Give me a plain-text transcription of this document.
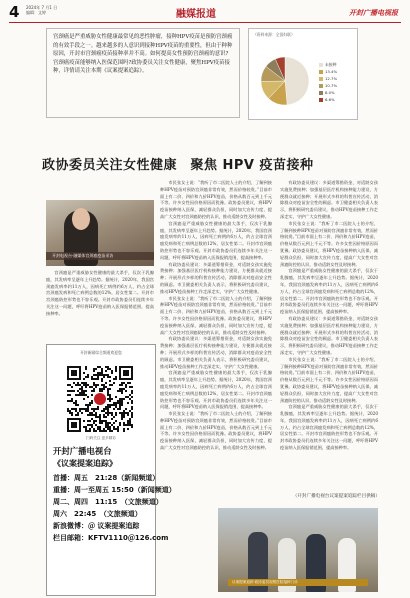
4 2024年 7 月1 日
编辑：文婷	融媒报道	开封广播电视报
宫颈癌是严重威胁女性健康最常见的恶性肿瘤，接种HPV疫苗是预防宫颈癌的有效手段之一。越来越多的人意识到接种HPV疫苗的重要性，但由于种种原因，开封市宫颈癌疫苗接种率并不高。如何提高女性预防宫颈癌的意识?宫颈癌疫苗能够纳入医保范围吗?政协委员关注女性健康，聚焦HPV疫苗接种，详情请关注本期《议案提案追踪》。
（资料来源：全国妇联）
未接种
13.4%
12.7%
10.7%
8.0%
6.6%
政协委员关注女性健康　聚焦 HPV 疫苗接种
开封电视台·融媒体宫颈癌疫苗采访

宫颈癌是严重威胁女性健康的最大杀手，仅次于乳腺癌，其发病率呈逐年上升趋势。据统计，2020年，我国宫颈癌发病率约11万人，因病死亡病例约6万人，约占全球宫颈癌发病和死亡病例总数的12%，居女性第二。开封市宫颈癌防控形势也不容乐观。开封市政协委员们连续多年关注这一问题，呼吁将HPV疫苗纳入医保报销范围，提高接种率。

市民张女士说：“我听了市二医院人士的介绍，了解到接种HPV疫苗对预防宫颈癌非常有效，然而价格较贵。”目前市面上有二价、四价和九价HPV疫苗，价格从数百元到上千元不等。许多女性因价格原因而犹豫。政协委员建议，将HPV疫苗接种纳入医保，减轻群众负担，同时加大宣传力度，提高广大女性对宫颈癌防控的认识，推动适龄女性及时接种。

宫颈癌是严重威胁女性健康的最大杀手，仅次于乳腺癌，其发病率呈逐年上升趋势。据统计，2020年，我国宫颈癌发病率约11万人，因病死亡病例约6万人，约占全球宫颈癌发病和死亡病例总数的12%，居女性第二。开封市宫颈癌防控形势也不容乐观。开封市政协委员们连续多年关注这一问题，呼吁将HPV疫苗纳入医保报销范围，提高接种率。

有政协委员建议：多渠道筹措资金，对适龄女孩实施免费接种；加强基层医疗机构接种能力建设，方便群众就近接种；开展形式多样的科普宣传活动，消除群众对疫苗安全性的顾虑。市卫健委相关负责人表示，将积极研究委员建议，推动HPV疫苗接种工作走深走实，守护广大女性健康。

市民张女士说：“我听了市二医院人士的介绍，了解到接种HPV疫苗对预防宫颈癌非常有效，然而价格较贵。”目前市面上有二价、四价和九价HPV疫苗，价格从数百元到上千元不等。许多女性因价格原因而犹豫。政协委员建议，将HPV疫苗接种纳入医保，减轻群众负担，同时加大宣传力度，提高广大女性对宫颈癌防控的认识，推动适龄女性及时接种。

有政协委员建议：多渠道筹措资金，对适龄女孩实施免费接种；加强基层医疗机构接种能力建设，方便群众就近接种；开展形式多样的科普宣传活动，消除群众对疫苗安全性的顾虑。市卫健委相关负责人表示，将积极研究委员建议，推动HPV疫苗接种工作走深走实，守护广大女性健康。

宫颈癌是严重威胁女性健康的最大杀手，仅次于乳腺癌，其发病率呈逐年上升趋势。据统计，2020年，我国宫颈癌发病率约11万人，因病死亡病例约6万人，约占全球宫颈癌发病和死亡病例总数的12%，居女性第二。开封市宫颈癌防控形势也不容乐观。开封市政协委员们连续多年关注这一问题，呼吁将HPV疫苗纳入医保报销范围，提高接种率。

市民张女士说：“我听了市二医院人士的介绍，了解到接种HPV疫苗对预防宫颈癌非常有效，然而价格较贵。”目前市面上有二价、四价和九价HPV疫苗，价格从数百元到上千元不等。许多女性因价格原因而犹豫。政协委员建议，将HPV疫苗接种纳入医保，减轻群众负担，同时加大宣传力度，提高广大女性对宫颈癌防控的认识，推动适龄女性及时接种。

有政协委员建议：多渠道筹措资金，对适龄女孩实施免费接种；加强基层医疗机构接种能力建设，方便群众就近接种；开展形式多样的科普宣传活动，消除群众对疫苗安全性的顾虑。市卫健委相关负责人表示，将积极研究委员建议，推动HPV疫苗接种工作走深走实，守护广大女性健康。

市民张女士说：“我听了市二医院人士的介绍，了解到接种HPV疫苗对预防宫颈癌非常有效，然而价格较贵。”目前市面上有二价、四价和九价HPV疫苗，价格从数百元到上千元不等。许多女性因价格原因而犹豫。政协委员建议，将HPV疫苗接种纳入医保，减轻群众负担，同时加大宣传力度，提高广大女性对宫颈癌防控的认识，推动适龄女性及时接种。

宫颈癌是严重威胁女性健康的最大杀手，仅次于乳腺癌，其发病率呈逐年上升趋势。据统计，2020年，我国宫颈癌发病率约11万人，因病死亡病例约6万人，约占全球宫颈癌发病和死亡病例总数的12%，居女性第二。开封市宫颈癌防控形势也不容乐观。开封市政协委员们连续多年关注这一问题，呼吁将HPV疫苗纳入医保报销范围，提高接种率。

有政协委员建议：多渠道筹措资金，对适龄女孩实施免费接种；加强基层医疗机构接种能力建设，方便群众就近接种；开展形式多样的科普宣传活动，消除群众对疫苗安全性的顾虑。市卫健委相关负责人表示，将积极研究委员建议，推动HPV疫苗接种工作走深走实，守护广大女性健康。

市民张女士说：“我听了市二医院人士的介绍，了解到接种HPV疫苗对预防宫颈癌非常有效，然而价格较贵。”目前市面上有二价、四价和九价HPV疫苗，价格从数百元到上千元不等。许多女性因价格原因而犹豫。政协委员建议，将HPV疫苗接种纳入医保，减轻群众负担，同时加大宣传力度，提高广大女性对宫颈癌防控的认识，推动适龄女性及时接种。

宫颈癌是严重威胁女性健康的最大杀手，仅次于乳腺癌，其发病率呈逐年上升趋势。据统计，2020年，我国宫颈癌发病率约11万人，因病死亡病例约6万人，约占全球宫颈癌发病和死亡病例总数的12%，居女性第二。开封市宫颈癌防控形势也不容乐观。开封市政协委员们连续多年关注这一问题，呼吁将HPV疫苗纳入医保报销范围，提高接种率。

（开封广播电视台议案提案追踪栏目供稿）
开封新闻综合频道欢迎您
扫码关注 更多精彩
开封广播电视台
《议案提案追踪》
首播：周五　21:28（新闻频道）
重播：周一至周五 15:50（新闻频道）
周二、周四　11:15　（文旅频道）
周六　22:45　（文旅频道）
新浪微博：＠ 议案提案追踪
栏目邮箱：KFTV1110＠126.com
议案提案追踪·政协委员视察医院接种门诊
